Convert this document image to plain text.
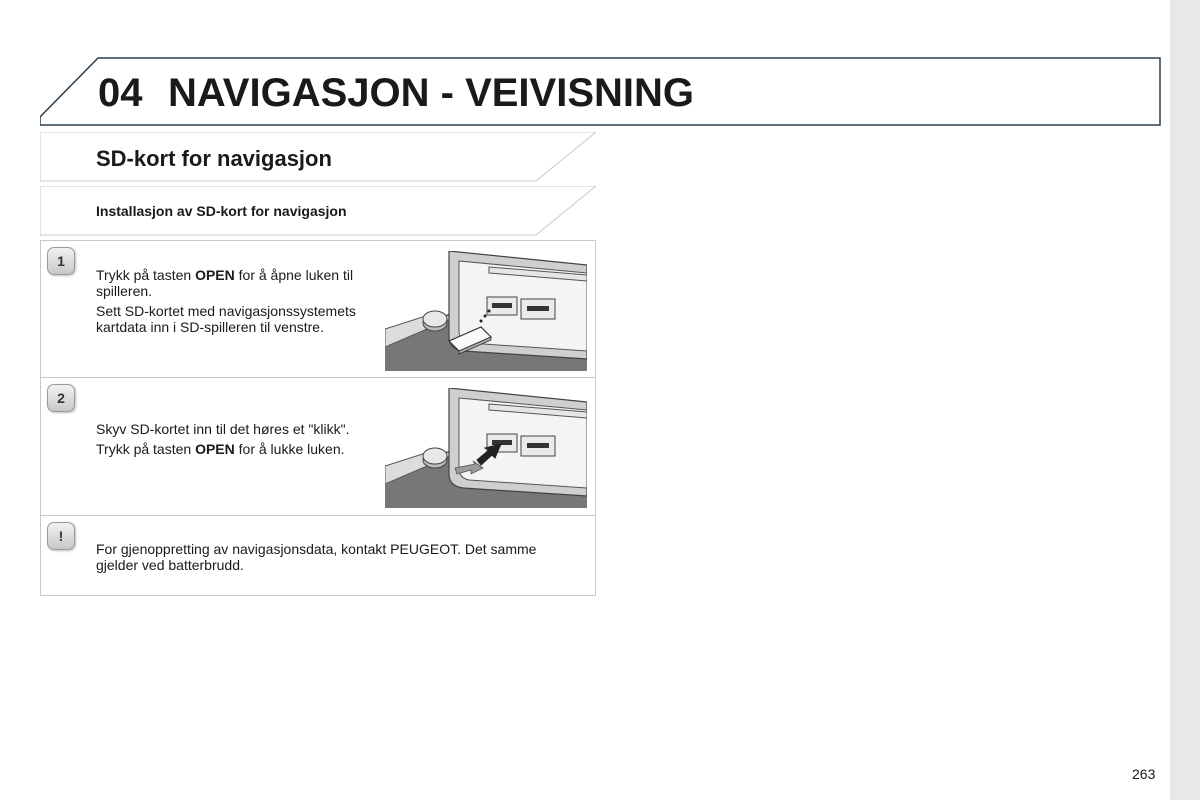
04 NAVIGASJON - VEIVISNING
SD-kort for navigasjon
Installasjon av SD-kort for navigasjon
1

Trykk på tasten OPEN for å åpne luken til spilleren.

Sett SD-kortet med navigasjonssystemets kartdata inn i SD-spilleren til venstre.

2

Skyv SD-kortet inn til det høres et "klikk".

Trykk på tasten OPEN for å lukke luken.

!
For gjenoppretting av navigasjonsdata, kontakt PEUGEOT. Det samme gjelder ved batterbrudd.
263
